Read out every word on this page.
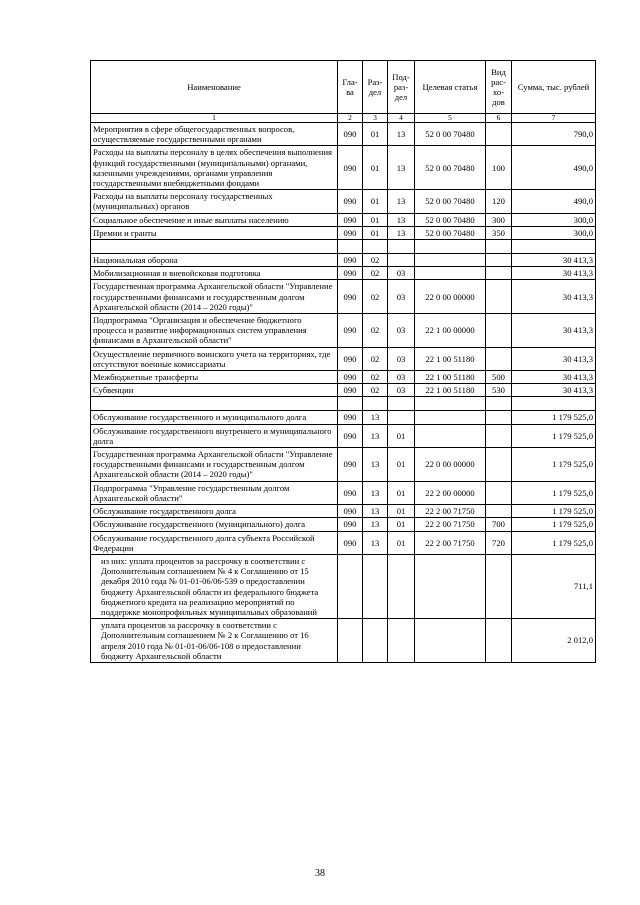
Наименование	Гла-ва	Раз-дел	Под-раз-дел	Целевая статья	Вид рас-хо-дов	Сумма, тыс. рублей
1	2	3	4	5	6	7
Мероприятия в сфере общегосударственных вопросов, осуществляемые государственными органами	090	01	13	52 0 00 70480		790,0
Расходы на выплаты персоналу в целях обеспечения выполнения функций государственными (муниципальными) органами, казенными учреждениями, органами управления государственными внебюджетными фондами	090	01	13	52 0 00 70480	100	490,0
Расходы на выплаты персоналу государственных (муниципальных) органов	090	01	13	52 0 00 70480	120	490,0
Социальное обеспечение и иные выплаты населению	090	01	13	52 0 00 70480	300	300,0
Премии и гранты	090	01	13	52 0 00 70480	350	300,0

Национальная оборона	090	02				30 413,3
Мобилизационная и вневойсковая подготовка	090	02	03			30 413,3
Государственная программа Архангельской области "Управление государственными финансами и государственным долгом Архангельской области (2014 – 2020 годы)"	090	02	03	22 0 00 00000		30 413,3
Подпрограмма "Организация и обеспечение бюджетного процесса и развитие информационных систем управления финансами в Архангельской области"	090	02	03	22 1 00 00000		30 413,3
Осуществление первичного воинского учета на территориях, где отсутствуют военные комиссариаты	090	02	03	22 1 00 51180		30 413,3
Межбюджетные трансферты	090	02	03	22 1 00 51180	500	30 413,3
Субвенции	090	02	03	22 1 00 51180	530	30 413,3

Обслуживание государственного и муниципального долга	090	13				1 179 525,0
Обслуживание государственного внутреннего и муниципального долга	090	13	01			1 179 525,0
Государственная программа Архангельской области "Управление государственными финансами и государственным долгом Архангельской области (2014 – 2020 годы)"	090	13	01	22 0 00 00000		1 179 525,0
Подпрограмма "Управление государственным долгом Архангельской области"	090	13	01	22 2 00 00000		1 179 525,0
Обслуживание государственного долга	090	13	01	22 2 00 71750		1 179 525,0
Обслуживание государственного (муниципального) долга	090	13	01	22 2 00 71750	700	1 179 525,0
Обслуживание государственного долга субъекта Российской Федерации	090	13	01	22 2 00 71750	720	1 179 525,0
из них: уплата процентов за рассрочку в соответствии с Дополнительным соглашением № 4 к Соглашению от 15 декабря 2010 года № 01-01-06/06-539 о предоставлении бюджету Архангельской области из федерального бюджета бюджетного кредита на реализацию мероприятий по поддержке монопрофильных муниципальных образований						711,1
уплата процентов за рассрочку в соответствии с Дополнительным соглашением № 2 к Соглашению от 16 апреля 2010 года № 01-01-06/06-108 о предоставлении бюджету Архангельской области						2 012,0
38
